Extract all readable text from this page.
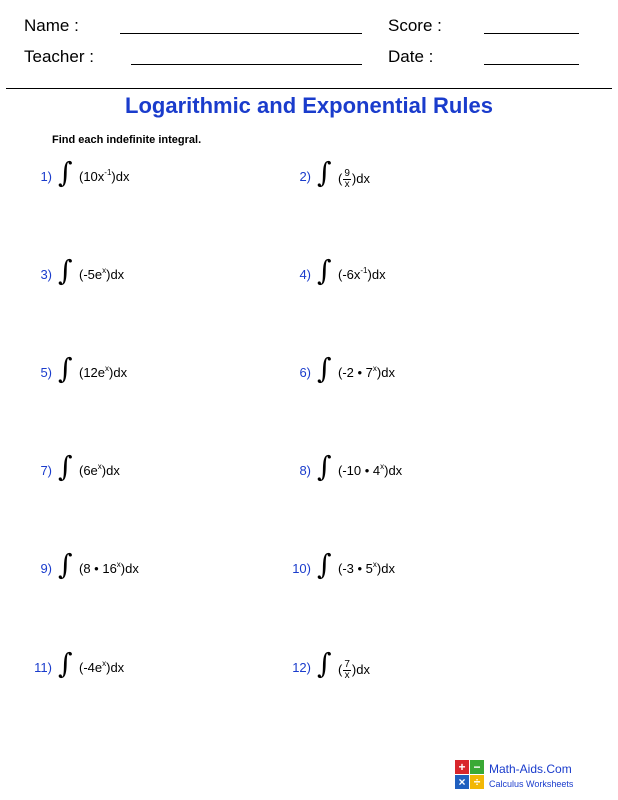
Name :	Score :
Teacher :	Date :
Logarithmic and Exponential Rules
Find each indefinite integral.
1) ∫ $(10x^{-1})dx$	2) ∫ ( $\frac{9}{x} )dx$
3) ∫ $(-5e^x)dx$	4) ∫ $(-6x^{-1})dx$
5) ∫ $(12e^x)dx$	6) ∫ (-2 • 7$^x$)dx
7) ∫ $(6e^x)dx$	8) ∫ (-10 • 4$^x$)dx
9) ∫ (8 • 16$^x$)dx	10) ∫ (-3 • 5$^x$)dx
11) ∫ $(-4e^x)dx$	12) ∫ ( $\frac{7}{x} )dx$
+ −
× ÷
Math-Aids.Com
Calculus Worksheets
